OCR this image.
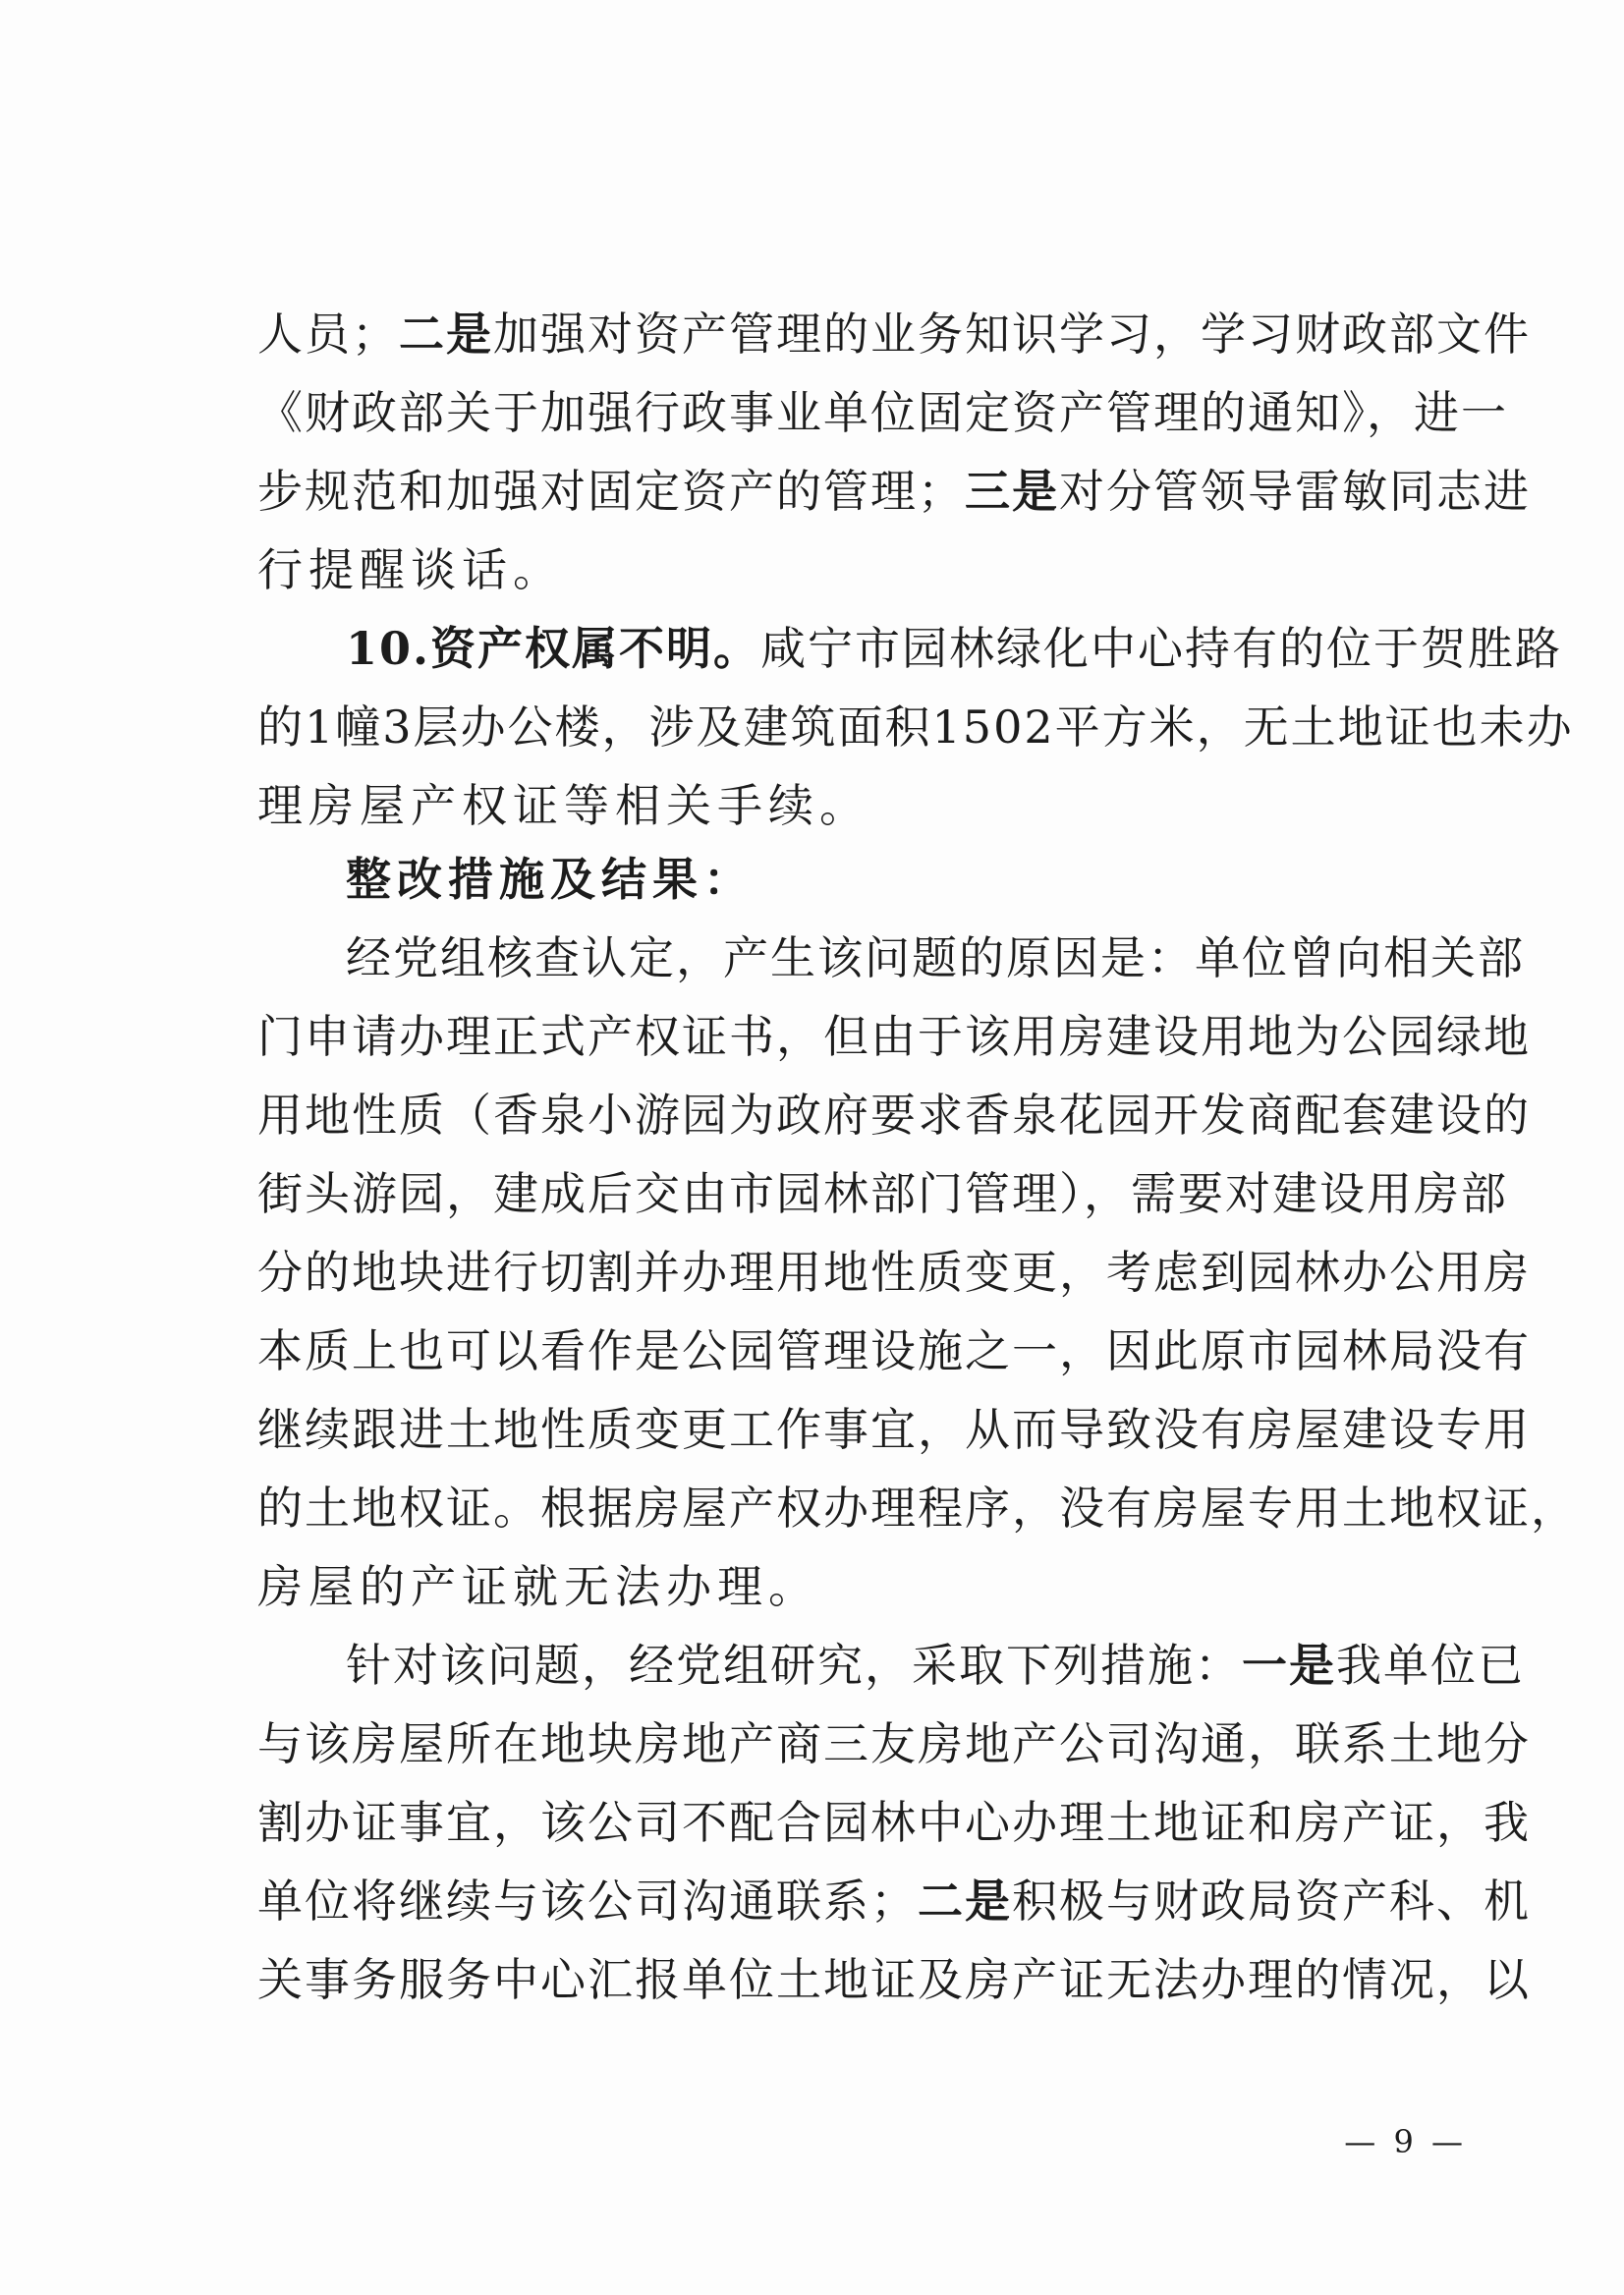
人员；二是加强对资产管理的业务知识学习，学习财政部文件
《财政部关于加强行政事业单位固定资产管理的通知》，进一
步规范和加强对固定资产的管理；三是对分管领导雷敏同志进
行提醒谈话。
10.资产权属不明。咸宁市园林绿化中心持有的位于贺胜路
的1幢3层办公楼，涉及建筑面积1502平方米，无土地证也未办
理房屋产权证等相关手续。
整改措施及结果：
经党组核查认定，产生该问题的原因是：单位曾向相关部
门申请办理正式产权证书，但由于该用房建设用地为公园绿地
用地性质（香泉小游园为政府要求香泉花园开发商配套建设的
街头游园，建成后交由市园林部门管理），需要对建设用房部
分的地块进行切割并办理用地性质变更，考虑到园林办公用房
本质上也可以看作是公园管理设施之一，因此原市园林局没有
继续跟进土地性质变更工作事宜，从而导致没有房屋建设专用
的土地权证。根据房屋产权办理程序，没有房屋专用土地权证，
房屋的产证就无法办理。
针对该问题，经党组研究，采取下列措施：一是我单位已
与该房屋所在地块房地产商三友房地产公司沟通，联系土地分
割办证事宜，该公司不配合园林中心办理土地证和房产证，我
单位将继续与该公司沟通联系；二是积极与财政局资产科、机
关事务服务中心汇报单位土地证及房产证无法办理的情况，以
— 9 —
